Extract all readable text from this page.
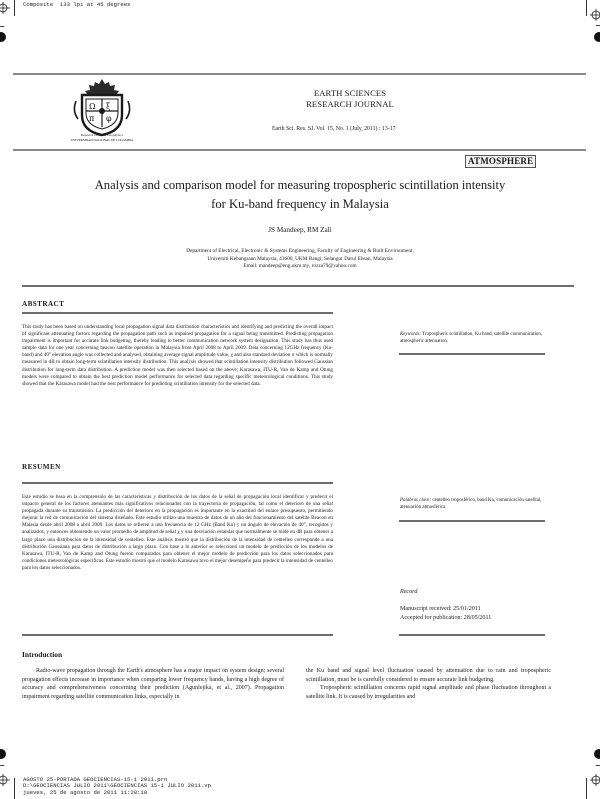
Composite  133 lpi at 45 degrees
AGOSTO 25-PORTADA GEOCIENCIAS-15-1 2011.prn
D:\GEOCIENCIAS JULIO 2011\GEOCIENCIAS 15-1 JULIO 2011.vp
jueves, 25 de agosto de 2011 11:28:10
Ω ξ
π φ
Research Group in Geophysics
UNIVERSIDAD NACIONAL DE COLOMBIA
EARTH SCIENCES
RESEARCH JOURNAL
Earth Sci. Res. SJ. Vol. 15, No. 1 (July, 2011) : 13-17
ATMOSPHERE
Analysis and comparison model for measuring tropospheric scintillation intensity
for Ku-band frequency in Malaysia
JS Mandeep, RM Zali
Department of Electrical, Electronic & Systems Engineering, Faculty of Engineering & Built Environment,
Universiti Kebangsaan Malaysia, 43600, UKM Bangi, Selangor Darul Ehsan, Malaysia
Email: mandeep@eng.ukm.my, rozza79@yahoo.com
ABSTRACT
This study has been based on understanding local propagation signal data distribution characteristics and identifying and predicting the overall impact of significant attenuating factors regarding the propagation path such as impaired propagation for a signal being transmitted. Predicting propagation impairment is important for accurate link budgeting, thereby leading to better communication network system designation. This study has thus used sample data for one year concerning beacon satellite operation in Malaysia from April 2008 to April 2009. Data concerning 12GHz frequency (Ku-band) and 40° elevation angle was collected and analysed, obtaining average signal amplitude value, χ and also standard deviation σ which is normally measured in dB to obtain long-term scintillation intensity distribution. This analysis showed that scintillation intensity distribution followed Gaussian distribution for long-term data distribution. A prediction model was then selected based on the above; Karasawa, ITU-R, Van de Kamp and Otung models were compared to obtain the best prediction model performance for selected data regarding specific meteorological conditions. This study showed that the Karasawa model had the best performance for predicting scintillation intensity for the selected data.
Keywords: Tropospheric scintillation, Ku band, satellite communication, atmospheric attenuation.
RESUMEN
Este estudio se basa en la comprensión de las características y distribución de los datos de la señal de propagación local identificar y predecir el impacto general de los factores atenuantes más significativos relacionados con la trayectoria de propagación, tal como el deterioro de una señal propagada durante su transmisión. La predicción del deterioro en la propagación es importante en la exactitud del enlace presupuesto, permitiendo mejorar la red de comunicación del sistema diseñado. Este estudio utilizo una muestra de datos de un año del funcionamiento del satélite Beacon en Malasia desde abril 2008 a abril 2009. Los datos se refieren a una frecuencia de 12 GHz (Band Ku) y un ángulo de elevación de 40°, recogidos y analizados, y entonces obteniendo un valor promedio de amplitud de señal χ y una desviación estándar que normalmente se mide en dB para obtener a largo plazo una distribución de la intensidad de centelleo. Este análisis mostró que la distribución de la intensidad de centelleo corresponde a una distribución Gaussiana para datos de distribución a largo plazo. Con base a lo anterior se seleccionó un modelo de predicción de los modelos de Karasawa, ITU-R, Van de Kamp and Otung fueron comparados para obtener el mejor modelo de predicción para los datos seleccionados para condiciones meteorológicas específicas. Este estudio mostró que el modelo Karasawa tuvo el mejor desempeño para predecir la intensidad de centelleo para los datos seleccionados.
Palabras clave: centelleo troposférico, band Ku, comunicación satelital, atenuación atmosférica.
Record
Manuscript received: 25/01/2011
Accepted for publication: 28/05/2011
Introduction
Radio-wave propagation through the Earth's atmosphere has a major impact on system design; several propagation effects increase in importance when comparing lower frequency bands, having a high degree of accuracy and comprehensiveness concerning their prediction (Agunlejika, et al., 2007). Propagation impairment regarding satellite communication links, especially in
the Ku band and signal level fluctuation caused by attenuation due to rain and tropospheric scintillation, must be is carefully considered to ensure accurate link budgeting.
Tropospheric scintillation concerns rapid signal amplitude and phase fluctuation throughout a satellite link. It is caused by irregularities and
